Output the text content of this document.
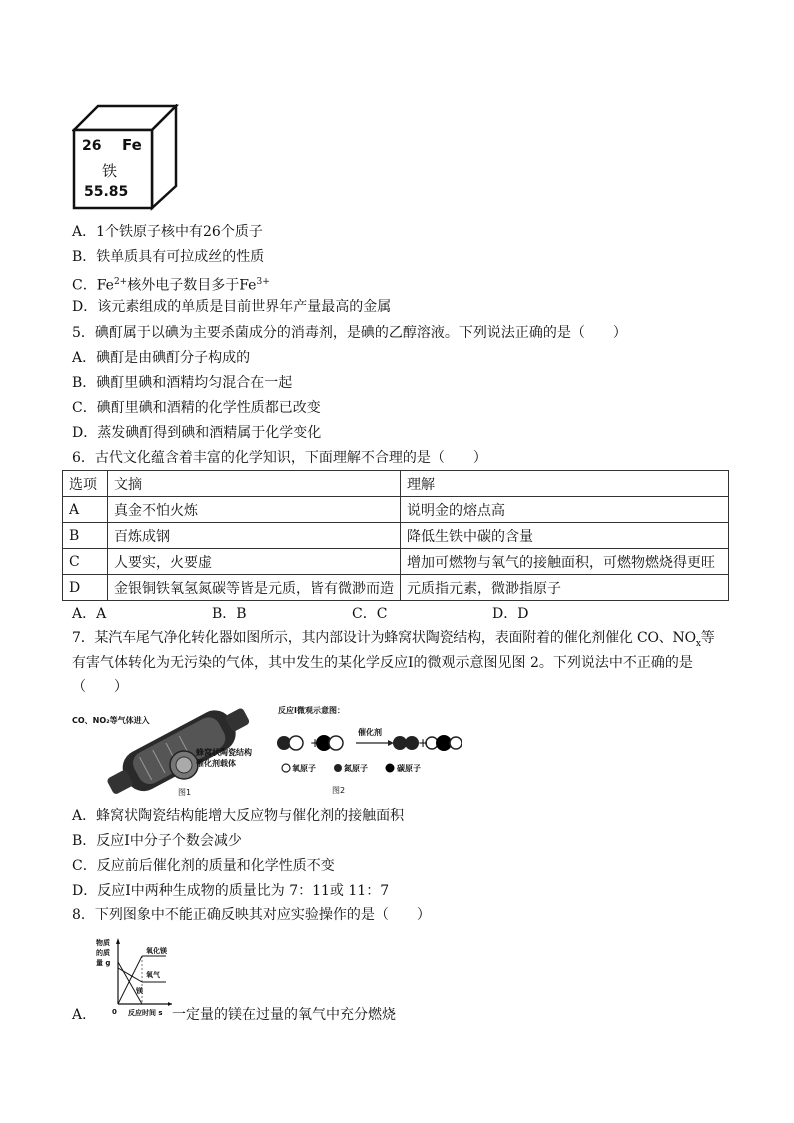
26 Fe
铁
55.85
A．1个铁原子核中有26个质子
B．铁单质具有可拉成丝的性质
C．$Fe^{2+}$核外电子数目多于$Fe^{3+}$
D．该元素组成的单质是目前世界年产量最高的金属
5．碘酊属于以碘为主要杀菌成分的消毒剂，是碘的乙醇溶液。下列说法正确的是（　　）
A．碘酊是由碘酊分子构成的
B．碘酊里碘和酒精均匀混合在一起
C．碘酊里碘和酒精的化学性质都已改变
D．蒸发碘酊得到碘和酒精属于化学变化
6．古代文化蕴含着丰富的化学知识，下面理解不合理的是（　　）
选项	文摘	理解
A	真金不怕火炼	说明金的熔点高
B	百炼成钢	降低生铁中碳的含量
C	人要实，火要虚	增加可燃物与氧气的接触面积，可燃物燃烧得更旺
D	金银铜铁氧氢氮碳等皆是元质，皆有微渺而造	元质指元素，微渺指原子
A．A	B．B	C．C	D．D
7．某汽车尾气净化转化器如图所示，其内部设计为蜂窝状陶瓷结构，表面附着的催化剂催化 CO、$NO_x$等
有害气体转化为无污染的气体，其中发生的某化学反应Ⅰ的微观示意图见图 2。下列说法中不正确的是
（　　）
+	+
CO、NO₂等气体进入
蜂窝状陶瓷结构
催化剂载体
图1
反应Ⅰ微观示意图：
催化剂
氧原子	氮原子	碳原子
图2
A．蜂窝状陶瓷结构能增大反应物与催化剂的接触面积
B．反应Ⅰ中分子个数会减少
C．反应前后催化剂的质量和化学性质不变
D．反应Ⅰ中两种生成物的质量比为 7：11或 11：7
8．下列图象中不能正确反映其对应实验操作的是（　　）
物质
的质
量 g
氧化镁
氧气
镁
0 反应时间 s
A．	一定量的镁在过量的氧气中充分燃烧
